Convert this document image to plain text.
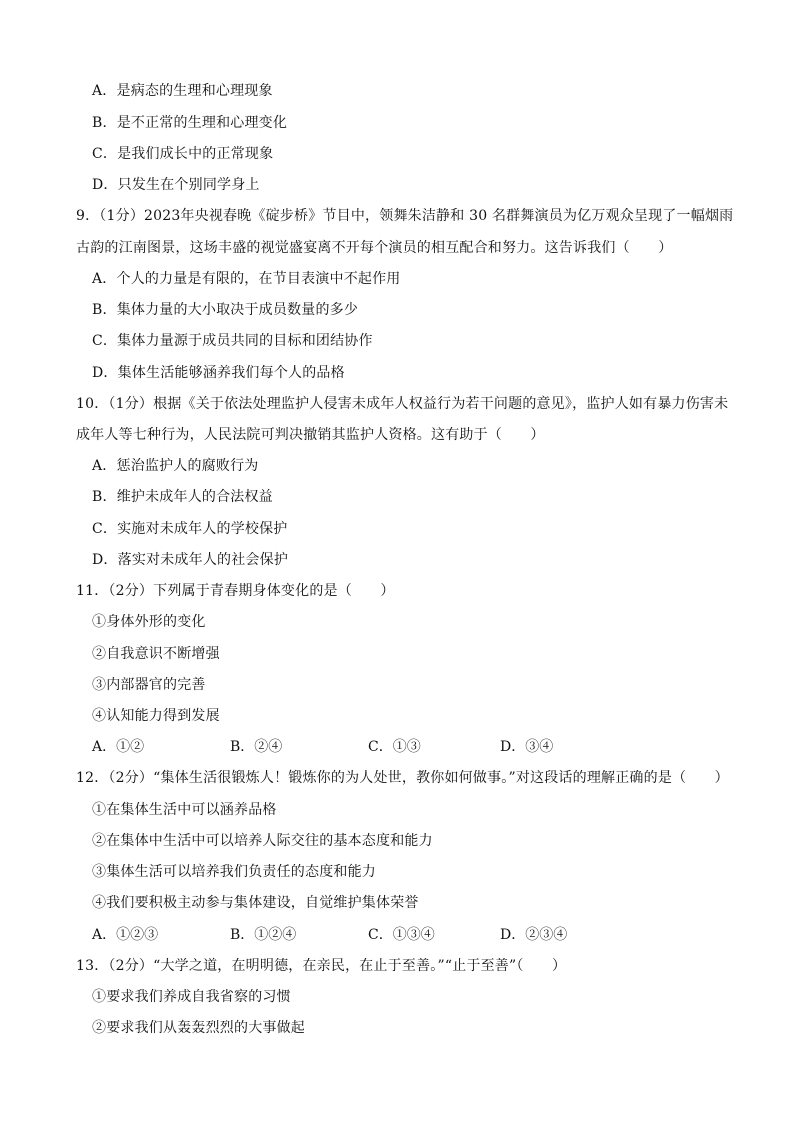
A．是病态的生理和心理现象
B．是不正常的生理和心理变化
C．是我们成长中的正常现象
D．只发生在个别同学身上
9．（1分）2023年央视春晚《碇步桥》节目中，领舞朱洁静和 30 名群舞演员为亿万观众呈现了一幅烟雨
古韵的江南图景，这场丰盛的视觉盛宴离不开每个演员的相互配合和努力。这告诉我们（　　）
A．个人的力量是有限的，在节目表演中不起作用
B．集体力量的大小取决于成员数量的多少
C．集体力量源于成员共同的目标和团结协作
D．集体生活能够涵养我们每个人的品格
10．（1分）根据《关于依法处理监护人侵害未成年人权益行为若干问题的意见》，监护人如有暴力伤害未
成年人等七种行为，人民法院可判决撤销其监护人资格。这有助于（　　）
A．惩治监护人的腐败行为
B．维护未成年人的合法权益
C．实施对未成年人的学校保护
D．落实对未成年人的社会保护
11．（2分）下列属于青春期身体变化的是（　　）
①身体外形的变化
②自我意识不断增强
③内部器官的完善
④认知能力得到发展
A．①②	B．②④	C．①③	D．③④
12．（2分）“集体生活很锻炼人！锻炼你的为人处世，教你如何做事。”对这段话的理解正确的是（　　）
①在集体生活中可以涵养品格
②在集体中生活中可以培养人际交往的基本态度和能力
③集体生活可以培养我们负责任的态度和能力
④我们要积极主动参与集体建设，自觉维护集体荣誉
A．①②③	B．①②④	C．①③④	D．②③④
13．（2分）“大学之道，在明明德，在亲民，在止于至善。”“止于至善”（　　）
①要求我们养成自我省察的习惯
②要求我们从轰轰烈烈的大事做起
